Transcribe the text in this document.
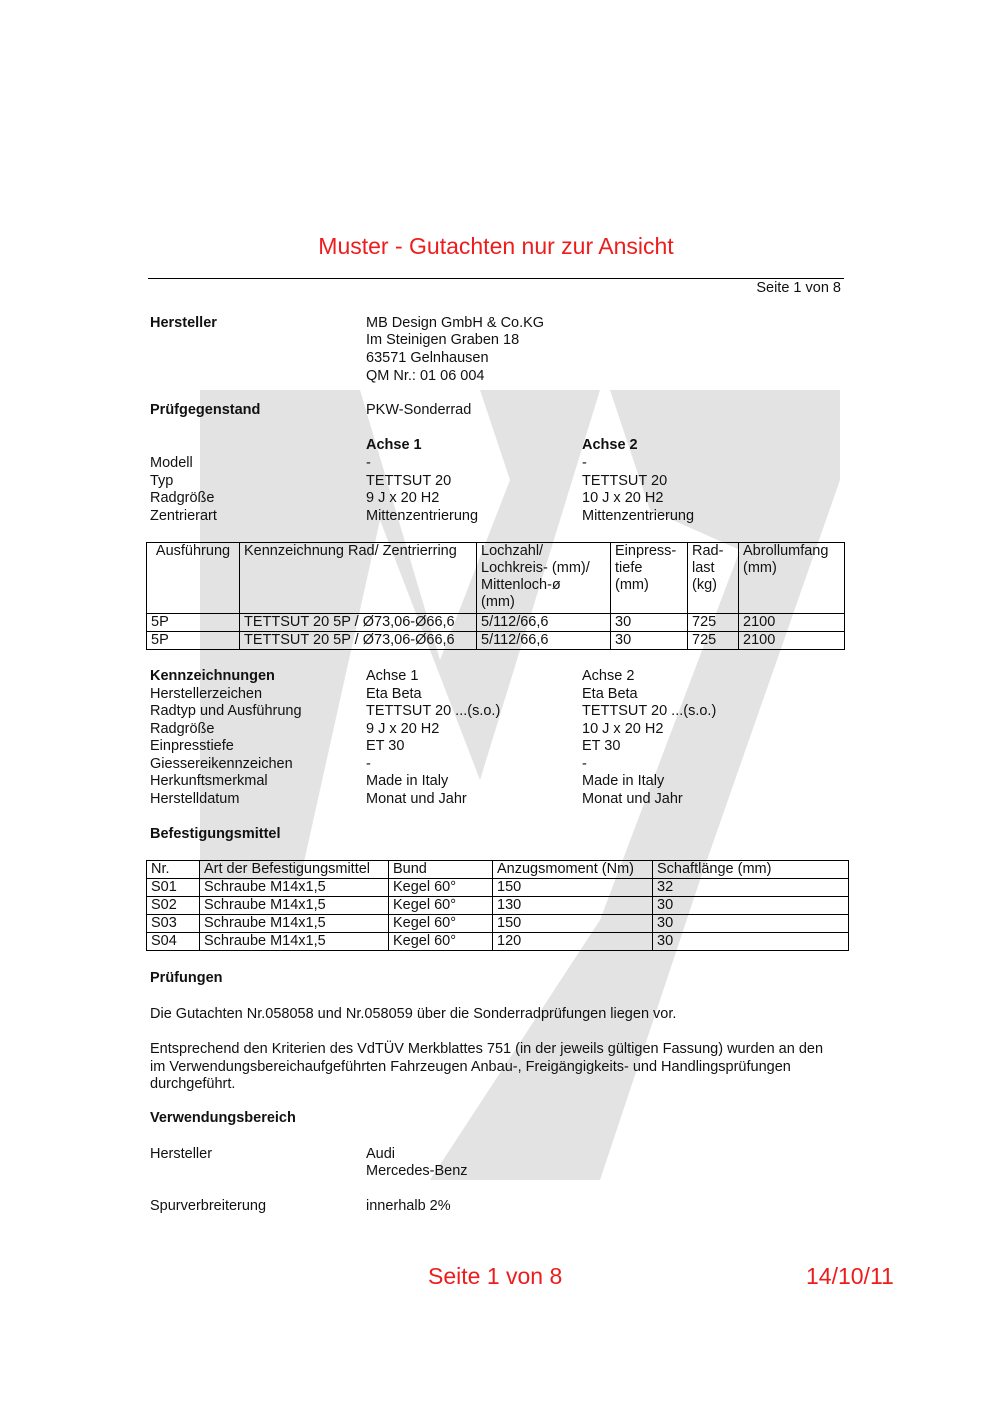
Muster - Gutachten nur zur Ansicht
Seite 1 von 8
Hersteller	MB Design GmbH & Co.KG
Im Steinigen Graben 18
63571 Gelnhausen
QM Nr.: 01 06 004
Prüfgegenstand	PKW-Sonderrad
Achse 1	Achse 2
Modell	-	-
Typ	TETTSUT 20	TETTSUT 20
Radgröße	9 J x 20 H2	10 J x 20 H2
Zentrierart	Mittenzentrierung	Mittenzentrierung
Ausführung	Kennzeichnung Rad/ Zentrierring	Lochzahl/
Lochkreis- (mm)/
Mittenloch-ø
(mm)	Einpress-
tiefe
(mm)	Rad-
last
(kg)	Abrollumfang
(mm)
5P	TETTSUT 20 5P / Ø73,06-Ø66,6	5/112/66,6	30	725	2100
5P	TETTSUT 20 5P / Ø73,06-Ø66,6	5/112/66,6	30	725	2100
Kennzeichnungen	Achse 1	Achse 2
Herstellerzeichen	Eta Beta	Eta Beta
Radtyp und Ausführung	TETTSUT 20 ...(s.o.)	TETTSUT 20 ...(s.o.)
Radgröße	9 J x 20 H2	10 J x 20 H2
Einpresstiefe	ET 30	ET 30
Giessereikennzeichen	-	-
Herkunftsmerkmal	Made in Italy	Made in Italy
Herstelldatum	Monat und Jahr	Monat und Jahr
Befestigungsmittel
Nr.	Art der Befestigungsmittel	Bund	Anzugsmoment (Nm)	Schaftlänge (mm)
S01	Schraube M14x1,5	Kegel 60°	150	32
S02	Schraube M14x1,5	Kegel 60°	130	30
S03	Schraube M14x1,5	Kegel 60°	150	30
S04	Schraube M14x1,5	Kegel 60°	120	30
Prüfungen
Die Gutachten Nr.058058 und Nr.058059 über die Sonderradprüfungen liegen vor.
Entsprechend den Kriterien des VdTÜV Merkblattes 751 (in der jeweils gültigen Fassung) wurden an den im Verwendungsbereichaufgeführten Fahrzeugen Anbau-, Freigängigkeits- und Handlingsprüfungen durchgeführt.
Verwendungsbereich
Hersteller	Audi
Mercedes-Benz
Spurverbreiterung	innerhalb 2%
Seite 1 von 8	14/10/11
